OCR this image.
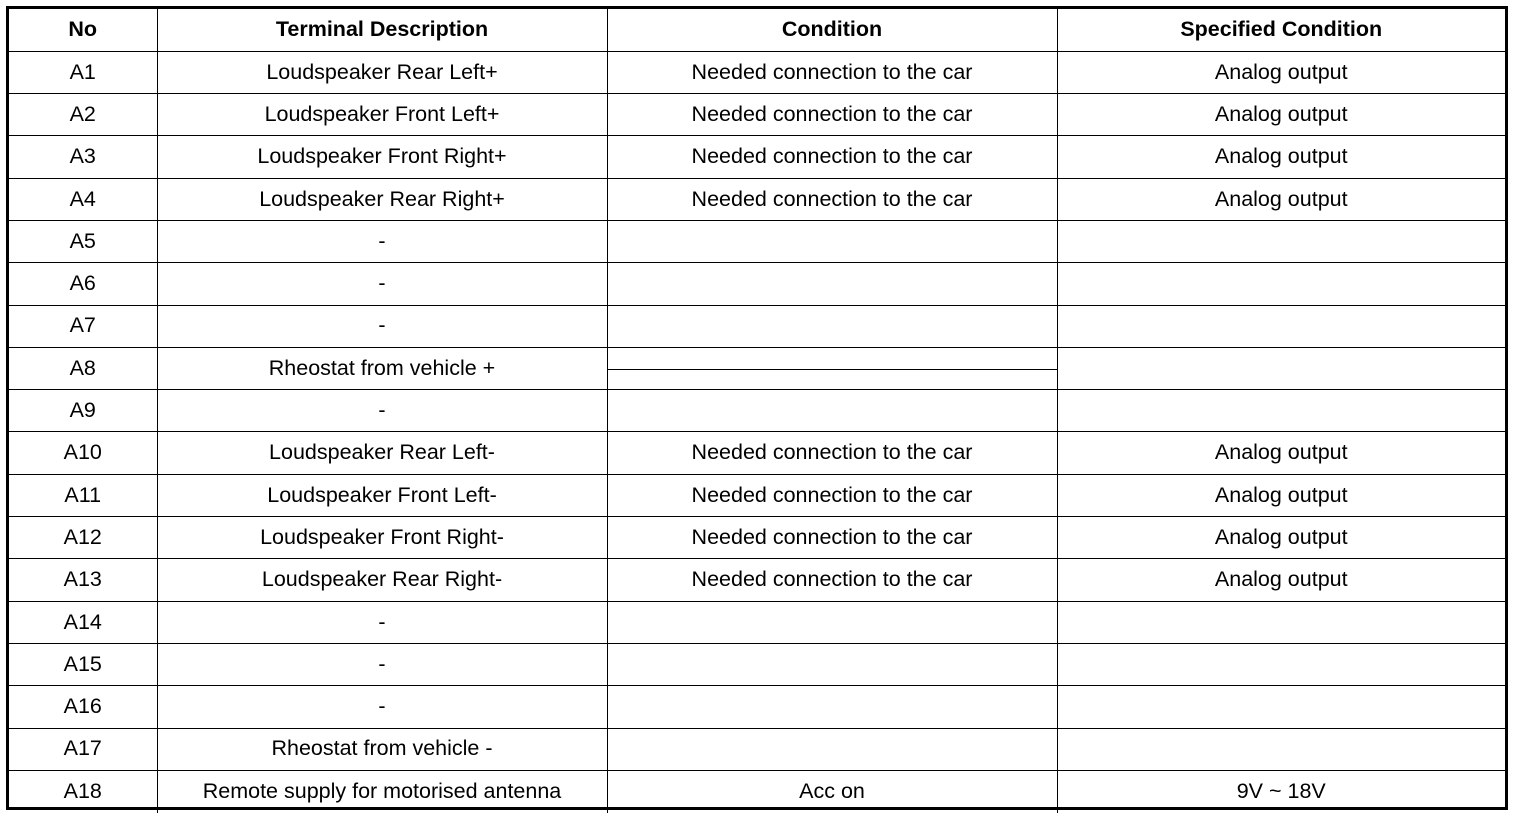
No	Terminal Description	Condition	Specified Condition
A1	Loudspeaker Rear Left+	Needed connection to the car	Analog output
A2	Loudspeaker Front Left+	Needed connection to the car	Analog output
A3	Loudspeaker Front Right+	Needed connection to the car	Analog output
A4	Loudspeaker Rear Right+	Needed connection to the car	Analog output
A5	-		
A6	-		
A7	-		
A8	Rheostat from vehicle +	

A9	-		
A10	Loudspeaker Rear Left-	Needed connection to the car	Analog output
A11	Loudspeaker Front Left-	Needed connection to the car	Analog output
A12	Loudspeaker Front Right-	Needed connection to the car	Analog output
A13	Loudspeaker Rear Right-	Needed connection to the car	Analog output
A14	-		
A15	-		
A16	-		
A17	Rheostat from vehicle -		
A18	Remote supply for motorised antenna	Acc on	9V ~ 18V
